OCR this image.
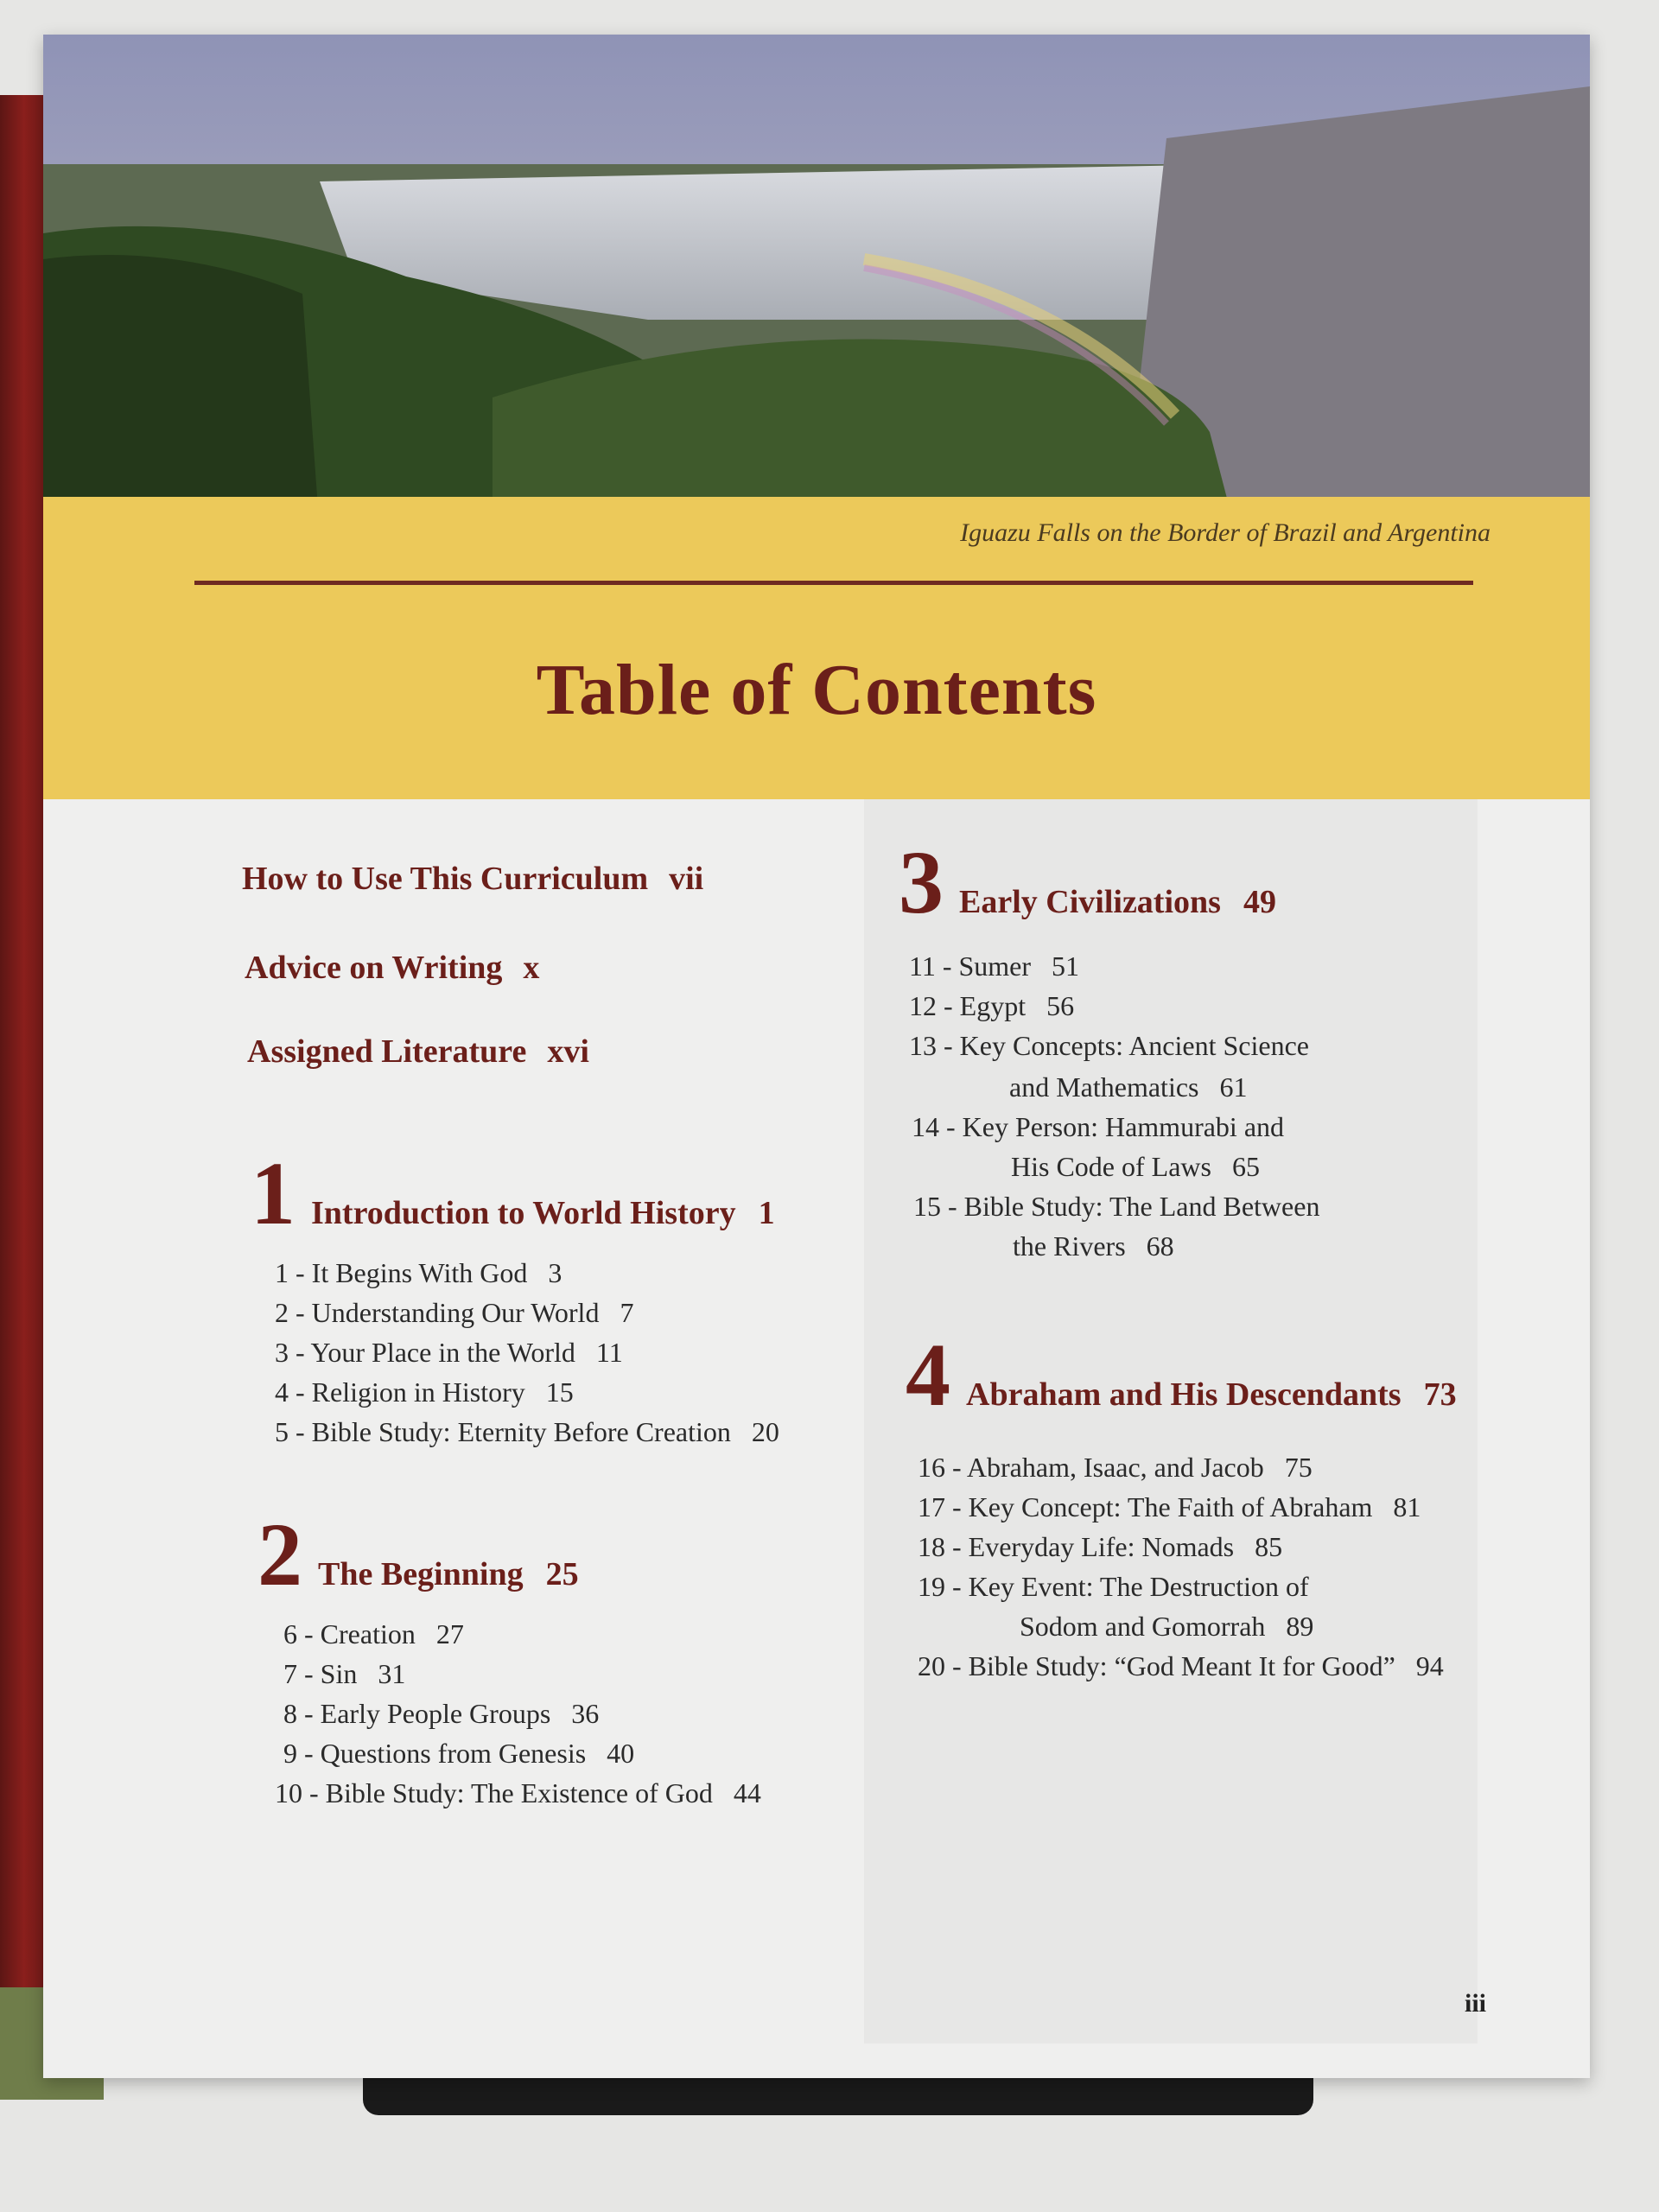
Iguazu Falls on the Border of Brazil and Argentina
Table of Contents
How to Use This Curriculum vii
Advice on Writing x
Assigned Literature xvi
1 Introduction to World History 1
1 - It Begins With God 3
2 - Understanding Our World 7
3 - Your Place in the World 11
4 - Religion in History 15
5 - Bible Study: Eternity Before Creation 20
2 The Beginning 25
6 - Creation 27
7 - Sin 31
8 - Early People Groups 36
9 - Questions from Genesis 40
10 - Bible Study: The Existence of God 44
3 Early Civilizations 49
11 - Sumer 51
12 - Egypt 56
13 - Key Concepts: Ancient Science
and Mathematics 61
14 - Key Person: Hammurabi and
His Code of Laws 65
15 - Bible Study: The Land Between
the Rivers 68
4 Abraham and His Descendants 73
16 - Abraham, Isaac, and Jacob 75
17 - Key Concept: The Faith of Abraham 81
18 - Everyday Life: Nomads 85
19 - Key Event: The Destruction of
Sodom and Gomorrah 89
20 - Bible Study: “God Meant It for Good” 94
iii
